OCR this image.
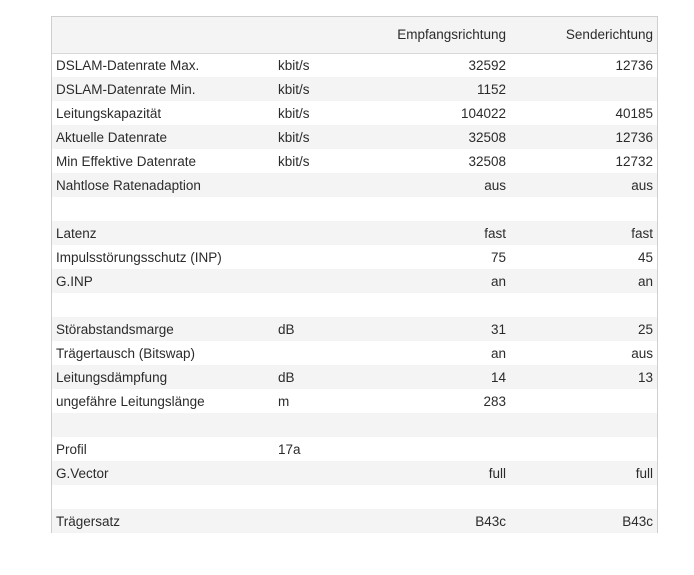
		Empfangsrichtung	Senderichtung
DSLAM-Datenrate Max.	kbit/s	32592	12736
DSLAM-Datenrate Min.	kbit/s	1152	
Leitungskapazität	kbit/s	104022	40185
Aktuelle Datenrate	kbit/s	32508	12736
Min Effektive Datenrate	kbit/s	32508	12732
Nahtlose Ratenadaption		aus	aus

Latenz		fast	fast
Impulsstörungsschutz (INP)		75	45
G.INP		an	an

Störabstandsmarge	dB	31	25
Trägertausch (Bitswap)		an	aus
Leitungsdämpfung	dB	14	13
ungefähre Leitungslänge	m	283	

Profil	17a		
G.Vector		full	full

Trägersatz		B43c	B43c
